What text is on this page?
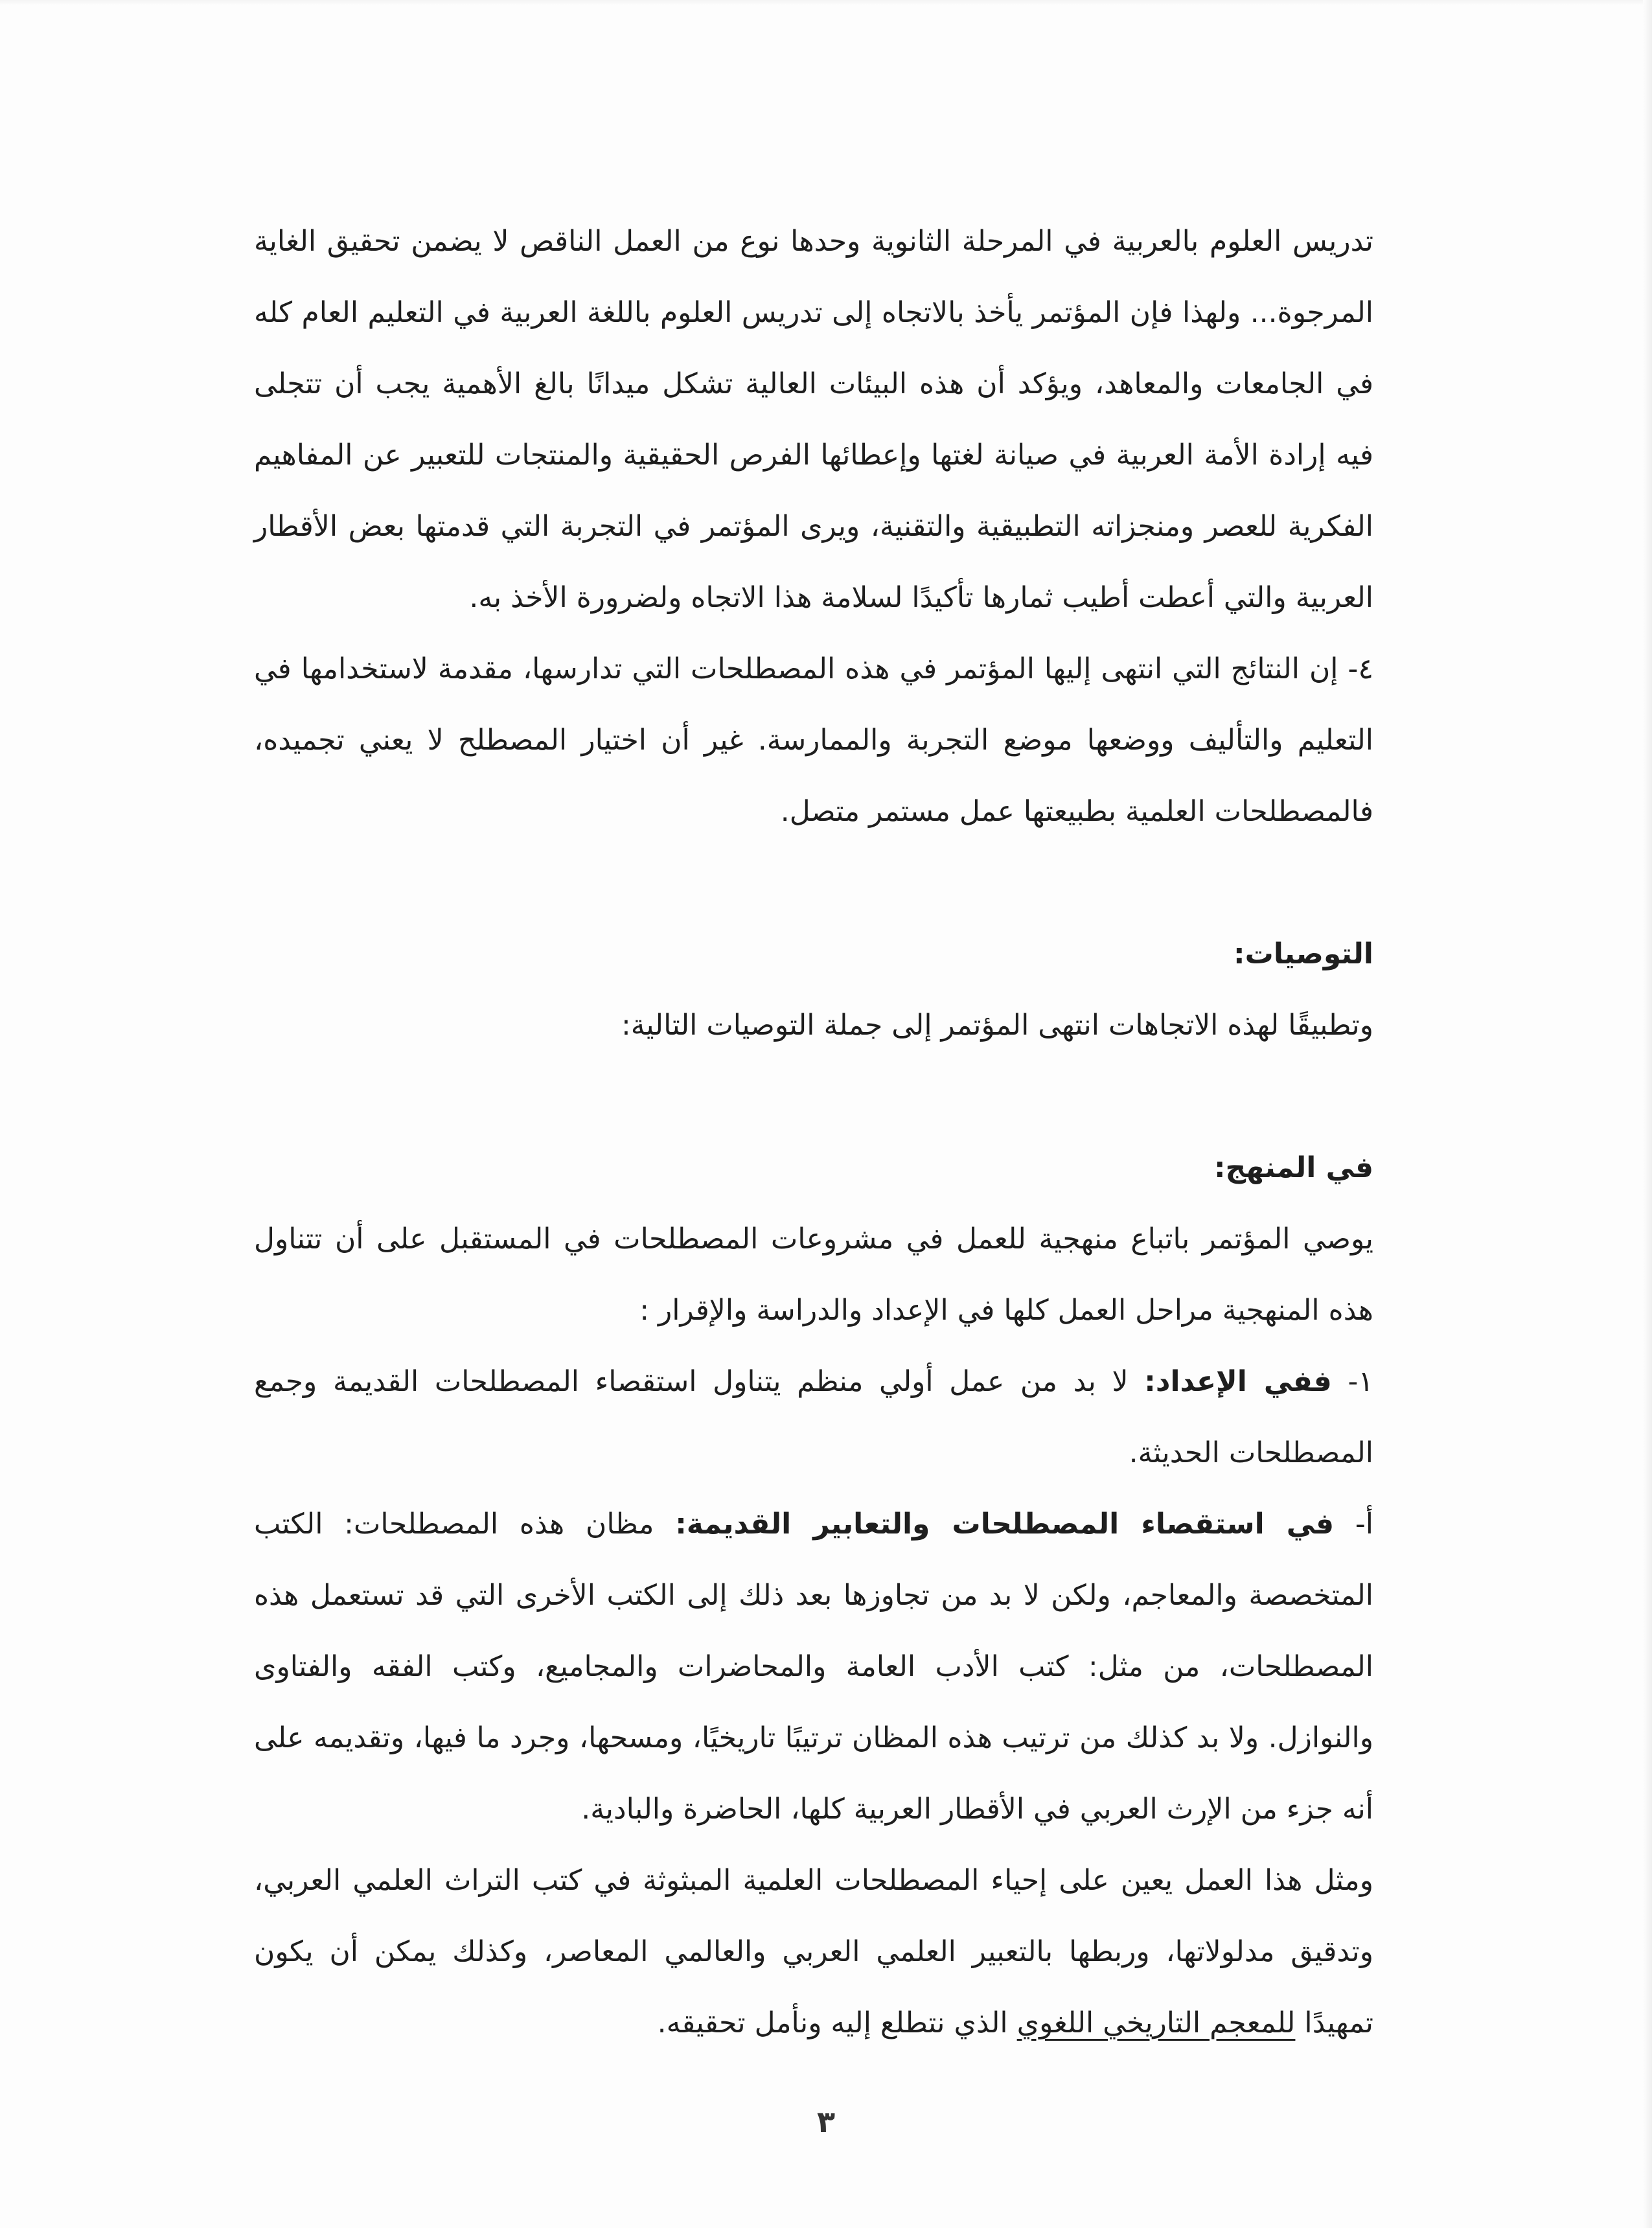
تدريس العلوم بالعربية في المرحلة الثانوية وحدها نوع من العمل الناقص لا يضمن تحقيق الغاية المرجوة... ولهذا فإن المؤتمر يأخذ بالاتجاه إلى تدريس العلوم باللغة العربية في التعليم العام كله في الجامعات والمعاهد، ويؤكد أن هذه البيئات العالية تشكل ميدانًا بالغ الأهمية يجب أن تتجلى فيه إرادة الأمة العربية في صيانة لغتها وإعطائها الفرص الحقيقية والمنتجات للتعبير عن المفاهيم الفكرية للعصر ومنجزاته التطبيقية والتقنية، ويرى المؤتمر في التجربة التي قدمتها بعض الأقطار العربية والتي أعطت أطيب ثمارها تأكيدًا لسلامة هذا الاتجاه ولضرورة الأخذ به.

٤- إن النتائج التي انتهى إليها المؤتمر في هذه المصطلحات التي تدارسها، مقدمة لاستخدامها في التعليم والتأليف ووضعها موضع التجربة والممارسة. غير أن اختيار المصطلح لا يعني تجميده، فالمصطلحات العلمية بطبيعتها عمل مستمر متصل.

التوصيات:

وتطبيقًا لهذه الاتجاهات انتهى المؤتمر إلى جملة التوصيات التالية:

في المنهج:

يوصي المؤتمر باتباع منهجية للعمل في مشروعات المصطلحات في المستقبل على أن تتناول هذه المنهجية مراحل العمل كلها في الإعداد والدراسة والإقرار :

١- ففي الإعداد: لا بد من عمل أولي منظم يتناول استقصاء المصطلحات القديمة وجمع المصطلحات الحديثة.

أ- في استقصاء المصطلحات والتعابير القديمة: مظان هذه المصطلحات: الكتب المتخصصة والمعاجم، ولكن لا بد من تجاوزها بعد ذلك إلى الكتب الأخرى التي قد تستعمل هذه المصطلحات، من مثل: كتب الأدب العامة والمحاضرات والمجاميع، وكتب الفقه والفتاوى والنوازل. ولا بد كذلك من ترتيب هذه المظان ترتيبًا تاريخيًا، ومسحها، وجرد ما فيها، وتقديمه على أنه جزء من الإرث العربي في الأقطار العربية كلها، الحاضرة والبادية.

ومثل هذا العمل يعين على إحياء المصطلحات العلمية المبثوثة في كتب التراث العلمي العربي، وتدقيق مدلولاتها، وربطها بالتعبير العلمي العربي والعالمي المعاصر، وكذلك يمكن أن يكون تمهيدًا للمعجم التاريخي اللغوي الذي نتطلع إليه ونأمل تحقيقه.

٣
